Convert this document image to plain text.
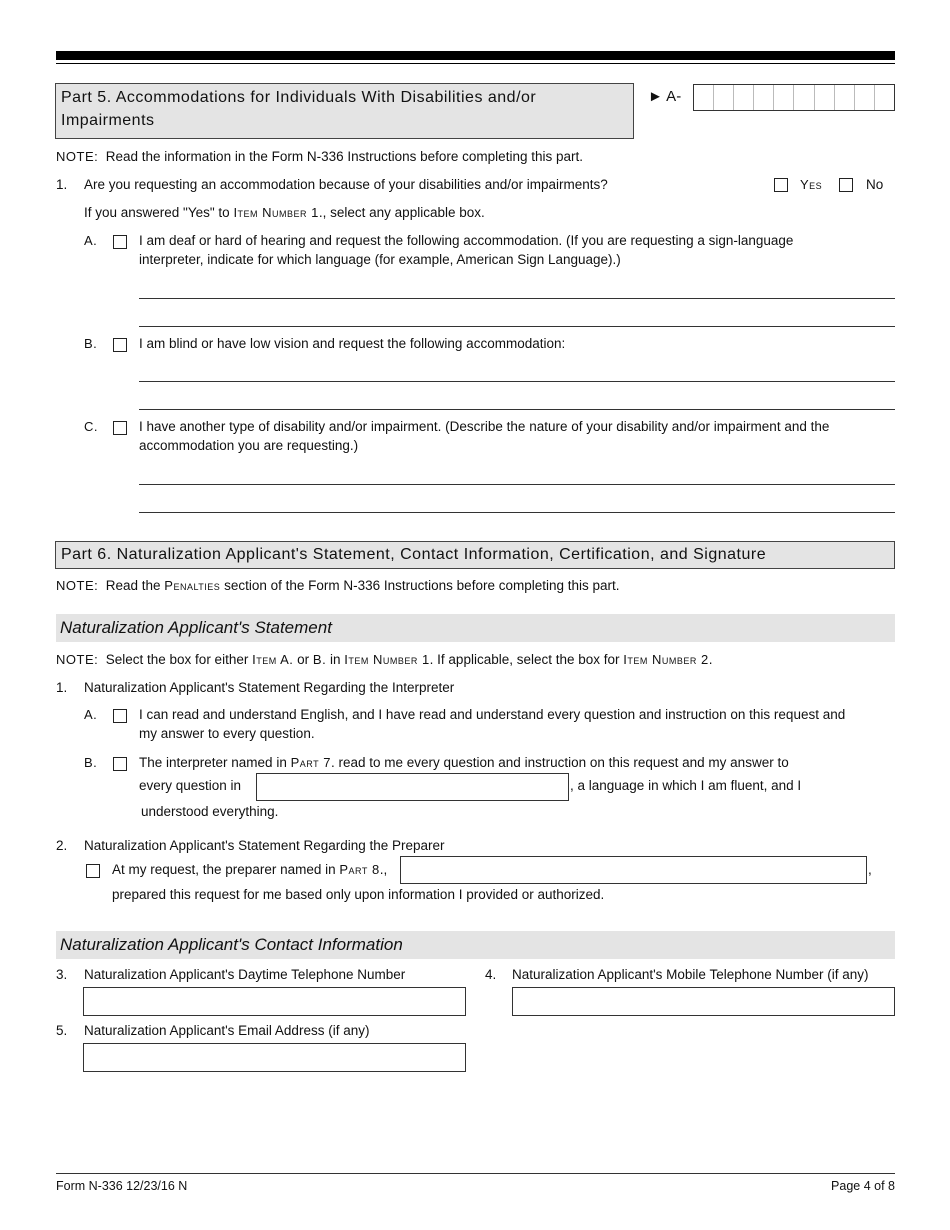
Part 5. Accommodations for Individuals With Disabilities and/or Impairments
► A-
NOTE: Read the information in the Form N-336 Instructions before completing this part.
1. Are you requesting an accommodation because of your disabilities and/or impairments?	Yes	No
If you answered "Yes" to Item Number 1., select any applicable box.
A.	I am deaf or hard of hearing and request the following accommodation. (If you are requesting a sign-language interpreter, indicate for which language (for example, American Sign Language).)
B.	I am blind or have low vision and request the following accommodation:
C.	I have another type of disability and/or impairment. (Describe the nature of your disability and/or impairment and the accommodation you are requesting.)
Part 6. Naturalization Applicant's Statement, Contact Information, Certification, and Signature
NOTE: Read the Penalties section of the Form N-336 Instructions before completing this part.
Naturalization Applicant's Statement
NOTE: Select the box for either Item A. or B. in Item Number 1. If applicable, select the box for Item Number 2.
1. Naturalization Applicant's Statement Regarding the Interpreter
A.	I can read and understand English, and I have read and understand every question and instruction on this request and my answer to every question.
B.	The interpreter named in Part 7. read to me every question and instruction on this request and my answer to
every question in	, a language in which I am fluent, and I
understood everything.
2. Naturalization Applicant's Statement Regarding the Preparer
At my request, the preparer named in Part 8.,	,
prepared this request for me based only upon information I provided or authorized.
Naturalization Applicant's Contact Information
3. Naturalization Applicant's Daytime Telephone Number	4. Naturalization Applicant's Mobile Telephone Number (if any)
5. Naturalization Applicant's Email Address (if any)
Form N-336 12/23/16 N	Page 4 of 8
